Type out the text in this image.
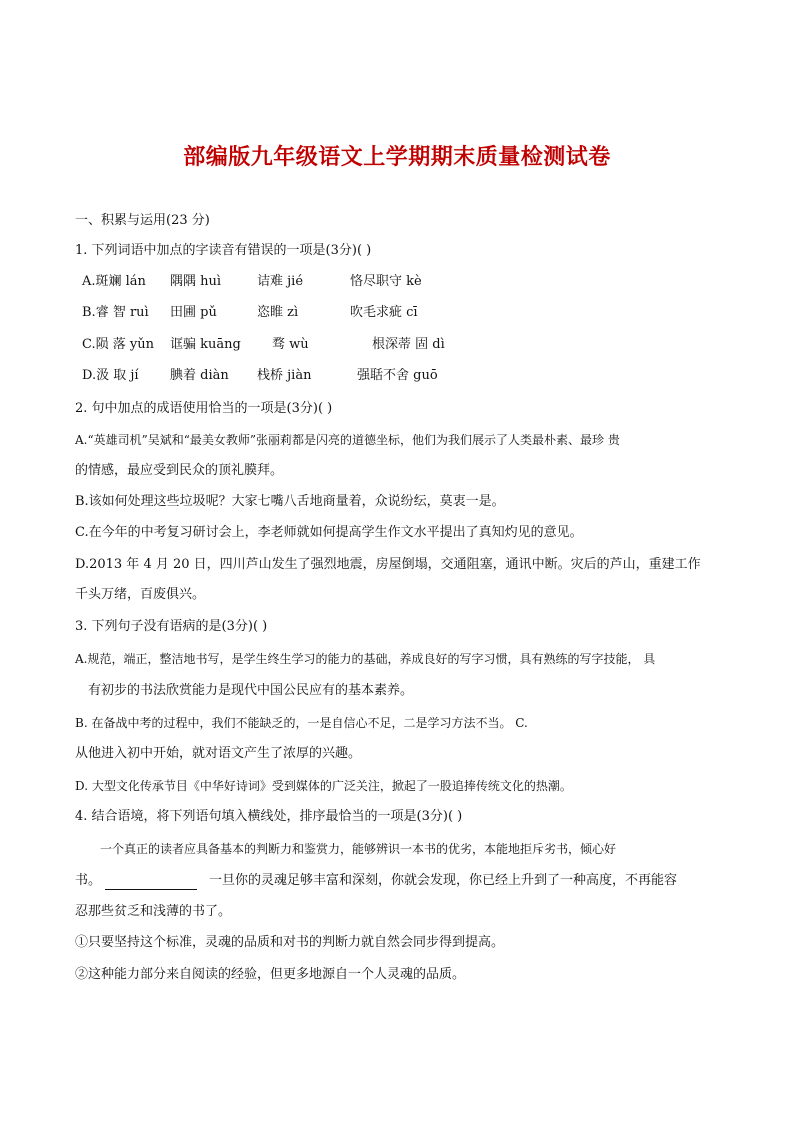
部编版九年级语文上学期期末质量检测试卷
一、积累与运用(23 分)
1. 下列词语中加点的字读音有错误的一项是(3分)( )
A.斑斓 lán 隅隅 huì	诘难 jié	恪尽职守 kè
B.睿 智 ruì 田圃 pǔ	恣睢 zì	吹毛求疵 cī
C.陨 落 yǔn 诓骗 kuāng 骛 wù	根深蒂 固 dì
D.汲 取 jí 腆着 diàn 栈桥 jiàn	强聒不舍 guō
2. 句中加点的成语使用恰当的一项是(3分)( )
A.“英雄司机”吴斌和“最美女教师”张丽莉都是闪亮的道德坐标，他们为我们展示了人类最朴素、最珍 贵
的情感，最应受到民众的顶礼膜拜。
B.该如何处理这些垃圾呢？大家七嘴八舌地商量着，众说纷纭，莫衷一是。
C.在今年的中考复习研讨会上，李老师就如何提高学生作文水平提出了真知灼见的意见。
D.2013 年 4 月 20 日，四川芦山发生了强烈地震，房屋倒塌，交通阻塞，通讯中断。灾后的芦山，重建工作
千头万绪，百废俱兴。
3. 下列句子没有语病的是(3分)( )
A.规范，端正，整洁地书写，是学生终生学习的能力的基础，养成良好的写字习惯，具有熟练的写字技能， 具
有初步的书法欣赏能力是现代中国公民应有的基本素养。
B. 在备战中考的过程中，我们不能缺乏的，一是自信心不足，二是学习方法不当。 C.
从他进入初中开始，就对语文产生了浓厚的兴趣。
D. 大型文化传承节目《中华好诗词》受到媒体的广泛关注，掀起了一股追捧传统文化的热潮。
4. 结合语境，将下列语句填入横线处，排序最恰当的一项是(3分)( )
一个真正的读者应具备基本的判断力和鉴赏力，能够辨识一本书的优劣，本能地拒斥劣书，倾心好
书。	一旦你的灵魂足够丰富和深刻，你就会发现，你已经上升到了一种高度，不再能容
忍那些贫乏和浅薄的书了。
①只要坚持这个标准，灵魂的品质和对书的判断力就自然会同步得到提高。
②这种能力部分来自阅读的经验，但更多地源自一个人灵魂的品质。
